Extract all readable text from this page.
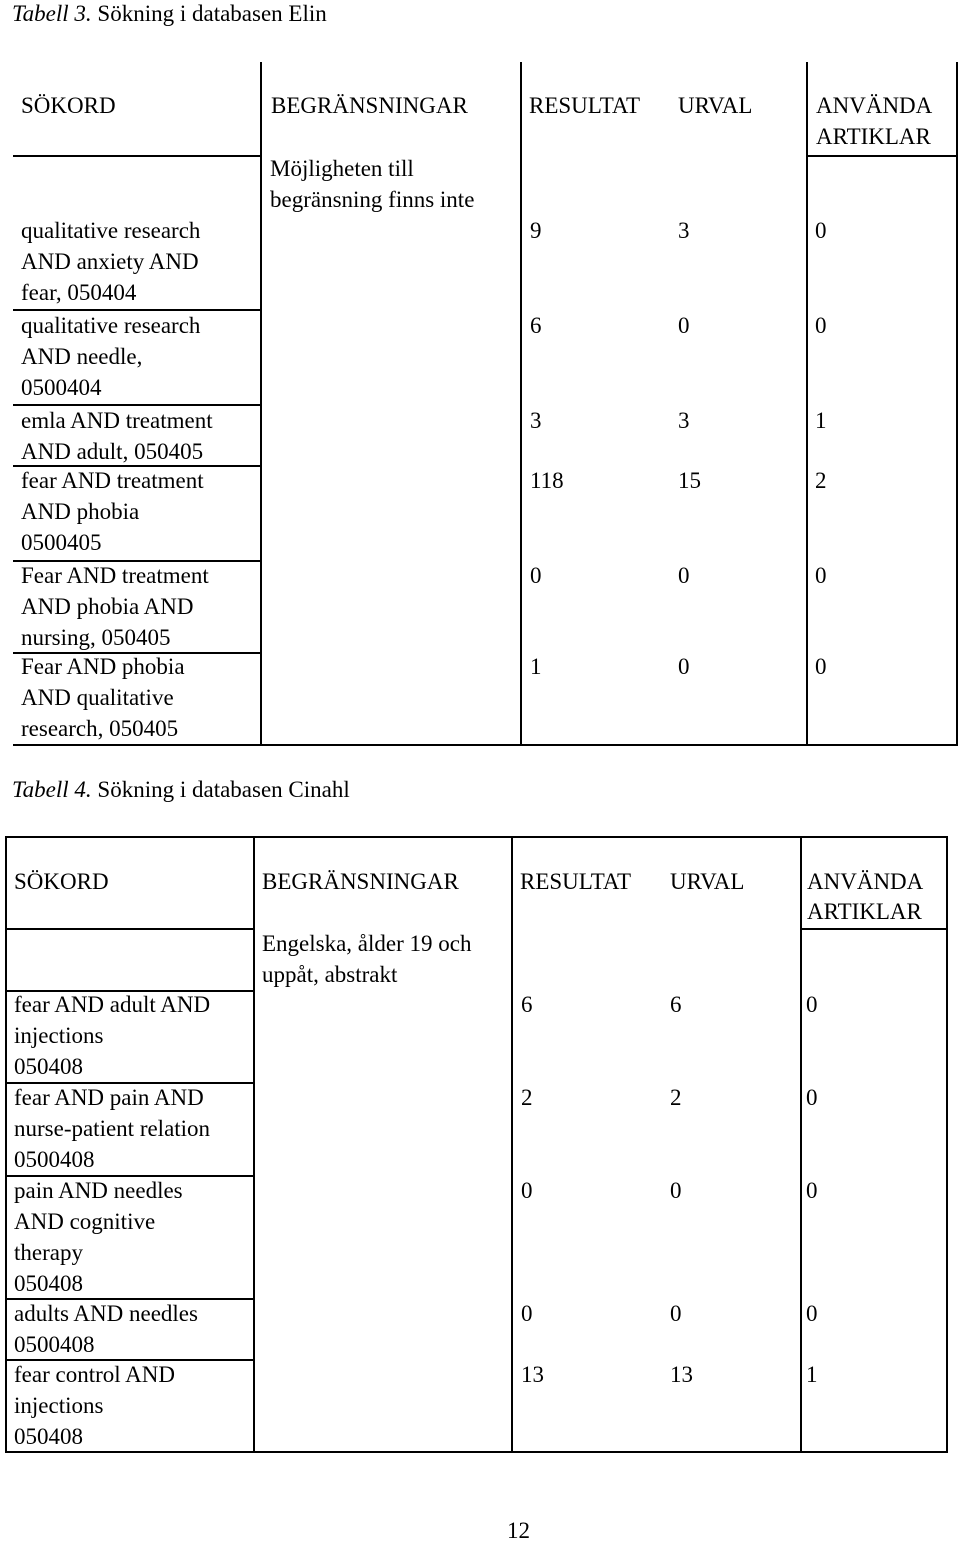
Tabell 3. Sökning i databasen Elin
SÖKORD	BEGRÄNSNINGAR	RESULTAT URVAL	ANVÄNDA
ARTIKLAR
Möjligheten till
begränsning finns inte
qualitative research
AND anxiety AND
fear, 050404
9	3	0
qualitative research
AND needle,
0500404
6	0	0
emla AND treatment
AND adult, 050405
3	3	1
fear AND treatment
AND phobia
0500405
118	15	2
Fear AND treatment
AND phobia AND
nursing, 050405
0	0	0
Fear AND phobia
AND qualitative
research, 050405
1	0	0
Tabell 4. Sökning i databasen Cinahl
SÖKORD	BEGRÄNSNINGAR	RESULTAT URVAL	ANVÄNDA
ARTIKLAR
Engelska, ålder 19 och
uppåt, abstrakt
fear AND adult AND
injections
050408
6	6	0
fear AND pain AND
nurse-patient relation
0500408
2	2	0
pain AND needles
AND cognitive
therapy
050408
0	0	0
adults AND needles
0500408
0	0	0
fear control AND
injections
050408
13	13	1
12
